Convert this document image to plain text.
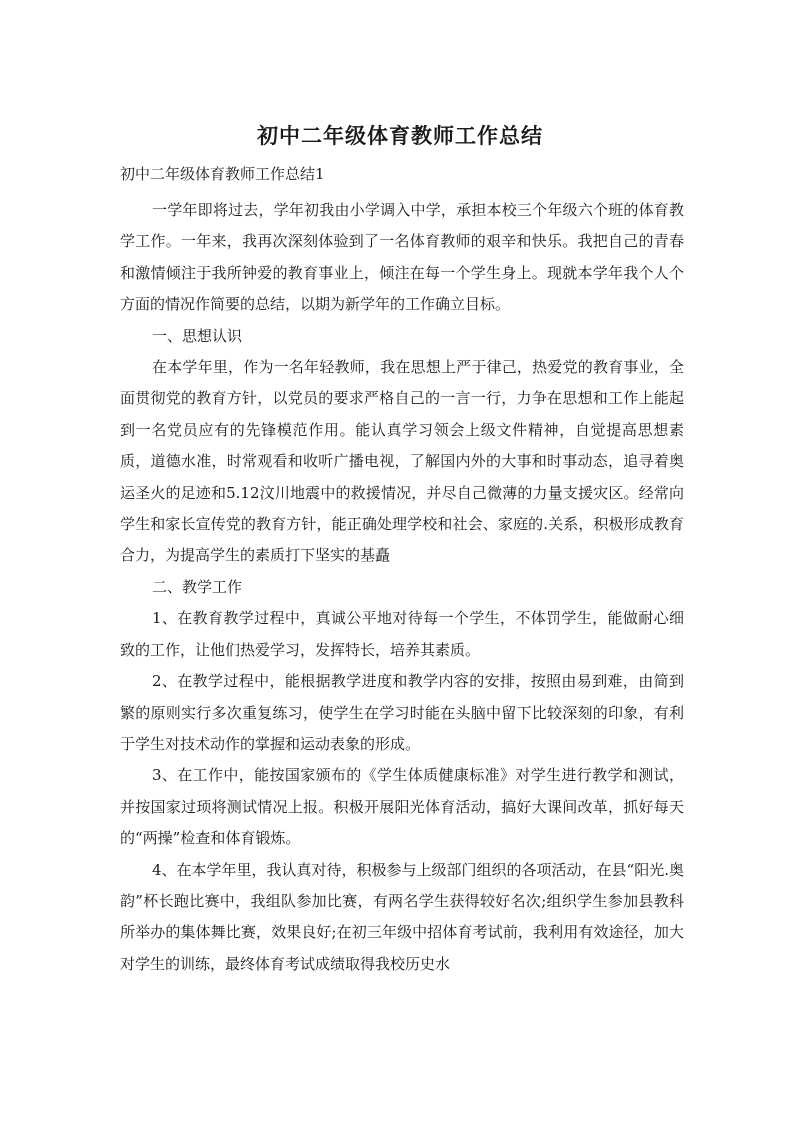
初中二年级体育教师工作总结

初中二年级体育教师工作总结1

一学年即将过去，学年初我由小学调入中学，承担本校三个年级六个班的体育教学工作。一年来，我再次深刻体验到了一名体育教师的艰辛和快乐。我把自己的青春和激情倾注于我所钟爱的教育事业上，倾注在每一个学生身上。现就本学年我个人个方面的情况作简要的总结，以期为新学年的工作确立目标。

一、思想认识

在本学年里，作为一名年轻教师，我在思想上严于律己，热爱党的教育事业，全面贯彻党的教育方针，以党员的要求严格自己的一言一行，力争在思想和工作上能起到一名党员应有的先锋模范作用。能认真学习领会上级文件精神，自觉提高思想素质，道德水准，时常观看和收听广播电视，了解国内外的大事和时事动态，追寻着奥运圣火的足迹和5.12汶川地震中的救援情况，并尽自己微薄的力量支援灾区。经常向学生和家长宣传党的教育方针，能正确处理学校和社会、家庭的.关系，积极形成教育合力，为提高学生的素质打下坚实的基矗

二、教学工作

1、在教育教学过程中，真诚公平地对待每一个学生，不体罚学生，能做耐心细致的工作，让他们热爱学习，发挥特长，培养其素质。

2、在教学过程中，能根据教学进度和教学内容的安排，按照由易到难，由简到繁的原则实行多次重复练习，使学生在学习时能在头脑中留下比较深刻的印象，有利于学生对技术动作的掌握和运动表象的形成。

3、在工作中，能按国家颁布的《学生体质健康标准》对学生进行教学和测试，并按国家过顼将测试情况上报。积极开展阳光体育活动，搞好大课间改革，抓好每天的“两操”检查和体育锻炼。

4、在本学年里，我认真对待，积极参与上级部门组织的各项活动，在县“阳光.奥韵”杯长跑比赛中，我组队参加比赛，有两名学生获得较好名次;组织学生参加县教科所举办的集体舞比赛，效果良好;在初三年级中招体育考试前，我利用有效途径，加大对学生的训练，最终体育考试成绩取得我校历史水
